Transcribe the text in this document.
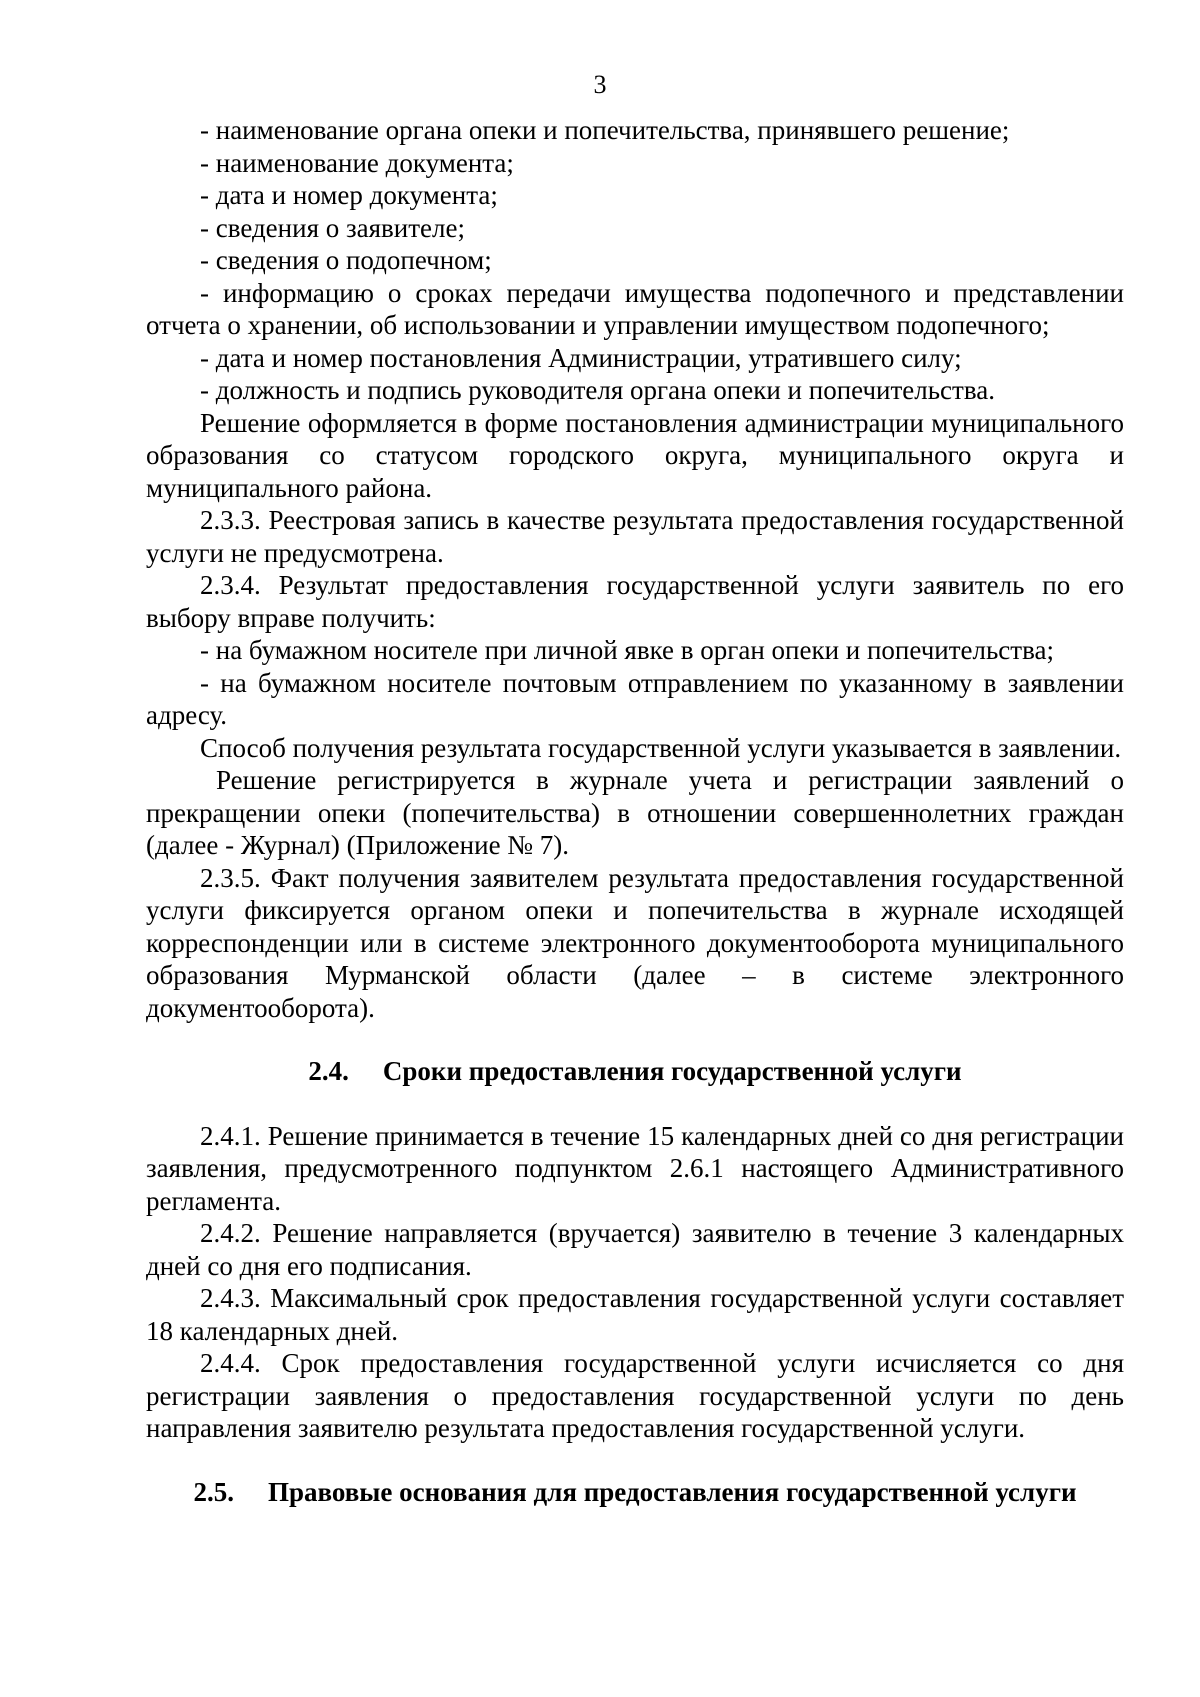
3

- наименование органа опеки и попечительства, принявшего решение;

- наименование документа;

- дата и номер документа;

- сведения о заявителе;

- сведения о подопечном;

- информацию о сроках передачи имущества подопечного и представлении отчета о хранении, об использовании и управлении имуществом подопечного;

- дата и номер постановления Администрации, утратившего силу;

- должность и подпись руководителя органа опеки и попечительства.

Решение оформляется в форме постановления администрации муниципального образования со статусом городского округа, муниципального округа и муниципального района.

2.3.3. Реестровая запись в качестве результата предоставления государственной услуги не предусмотрена.

2.3.4. Результат предоставления государственной услуги заявитель по его выбору вправе получить:

- на бумажном носителе при личной явке в орган опеки и попечительства;

- на бумажном носителе почтовым отправлением по указанному в заявлении адресу.

Способ получения результата государственной услуги указывается в заявлении.

Решение регистрируется в журнале учета и регистрации заявлений о прекращении опеки (попечительства) в отношении совершеннолетних граждан (далее - Журнал) (Приложение № 7).

2.3.5. Факт получения заявителем результата предоставления государственной услуги фиксируется органом опеки и попечительства в журнале исходящей корреспонденции или в системе электронного документооборота муниципального образования Мурманской области (далее – в системе электронного документооборота).

2.4. Сроки предоставления государственной услуги

2.4.1. Решение принимается в течение 15 календарных дней со дня регистрации заявления, предусмотренного подпунктом 2.6.1 настоящего Административного регламента.

2.4.2. Решение направляется (вручается) заявителю в течение 3 календарных дней со дня его подписания.

2.4.3. Максимальный срок предоставления государственной услуги составляет 18 календарных дней.

2.4.4. Срок предоставления государственной услуги исчисляется со дня регистрации заявления о предоставления государственной услуги по день направления заявителю результата предоставления государственной услуги.

2.5. Правовые основания для предоставления государственной услуги
